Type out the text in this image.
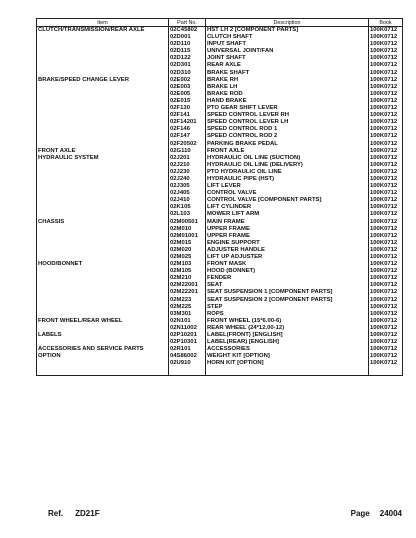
Item	Part No.	Description	Book
CLUTCH/TRANSMISSION/REAR AXLE	02C45802	HST LH 2 [COMPONENT PARTS]	100K0712
	02D001	CLUTCH SHAFT	100K0712
	02D110	INPUT SHAFT	100K0712
	02D115	UNIVERSAL JOINT/FAN	100K0712
	02D122	JOINT SHAFT	100K0712
	02D301	REAR AXLE	100K0712
	02D310	BRAKE SHAFT	100K0712
BRAKE/SPEED CHANGE LEVER	02E002	BRAKE RH	100K0712
	02E003	BRAKE LH	100K0712
	02E005	BRAKE ROD	100K0712
	02E015	HAND BRAKE	100K0712
	02F130	PTO GEAR SHIFT LEVER	100K0712
	02F141	SPEED CONTROL LEVER RH	100K0712
	02F14201	SPEED CONTROL LEVER LH	100K0712
	02F146	SPEED CONTROL ROD 1	100K0712
	02F147	SPEED CONTROL ROD 2	100K0712
	02F20502	PARKING BRAKE PEDAL	100K0712
FRONT AXLE	02G110	FRONT AXLE	100K0712
HYDRAULIC SYSTEM	02J201	HYDRAULIC OIL LINE (SUCTION)	100K0712
	02J210	HYDRAULIC OIL LINE (DELIVERY)	100K0712
	02J230	PTO HYDRAULIC OIL LINE	100K0712
	02J240	HYDRAULIC PIPE (HST)	100K0712
	02J305	LIFT LEVER	100K0712
	02J405	CONTROL VALVE	100K0712
	02J410	CONTROL VALVE [COMPONENT PARTS]	100K0712
	02K105	LIFT CYLINDER	100K0712
	02L103	MOWER LIFT ARM	100K0712
CHASSIS	02M00501	MAIN FRAME	100K0712
	02M010	UPPER FRAME	100K0712
	02M01001	UPPER FRAME	100K0712
	02M015	ENGINE SUPPORT	100K0712
	02M020	ADJUSTER HANDLE	100K0712
	02M025	LIFT UP ADJUSTER	100K0712
HOOD/BONNET	02M103	FRONT MASK	100K0712
	02M105	HOOD (BONNET)	100K0712
	02M210	FENDER	100K0712
	02M22001	SEAT	100K0712
	02M22201	SEAT SUSPENSION 1 [COMPONENT PARTS]	100K0712
	02M223	SEAT SUSPENSION 2 [COMPONENT PARTS]	100K0712
	02M225	STEP	100K0712
	03M301	ROPS	100K0712
FRONT WHEEL/REAR WHEEL	02N101	FRONT WHEEL (15*6.00-6)	100K0712
	02N11002	REAR WHEEL (24*12.00-12)	100K0712
LABELS	02P10201	LABEL(FRONT) [ENGLISH]	100K0712
	02P10301	LABEL(REAR) [ENGLISH]	100K0712
ACCESSORIES AND SERVICE PARTS	02R101	ACCESSORIES	100K0712
OPTION	04S86002	WEIGHT KIT [OPTION]	100K0712
	02U910	HORN KIT [OPTION]	100K0712

Ref. ZD21F	Page 24004
